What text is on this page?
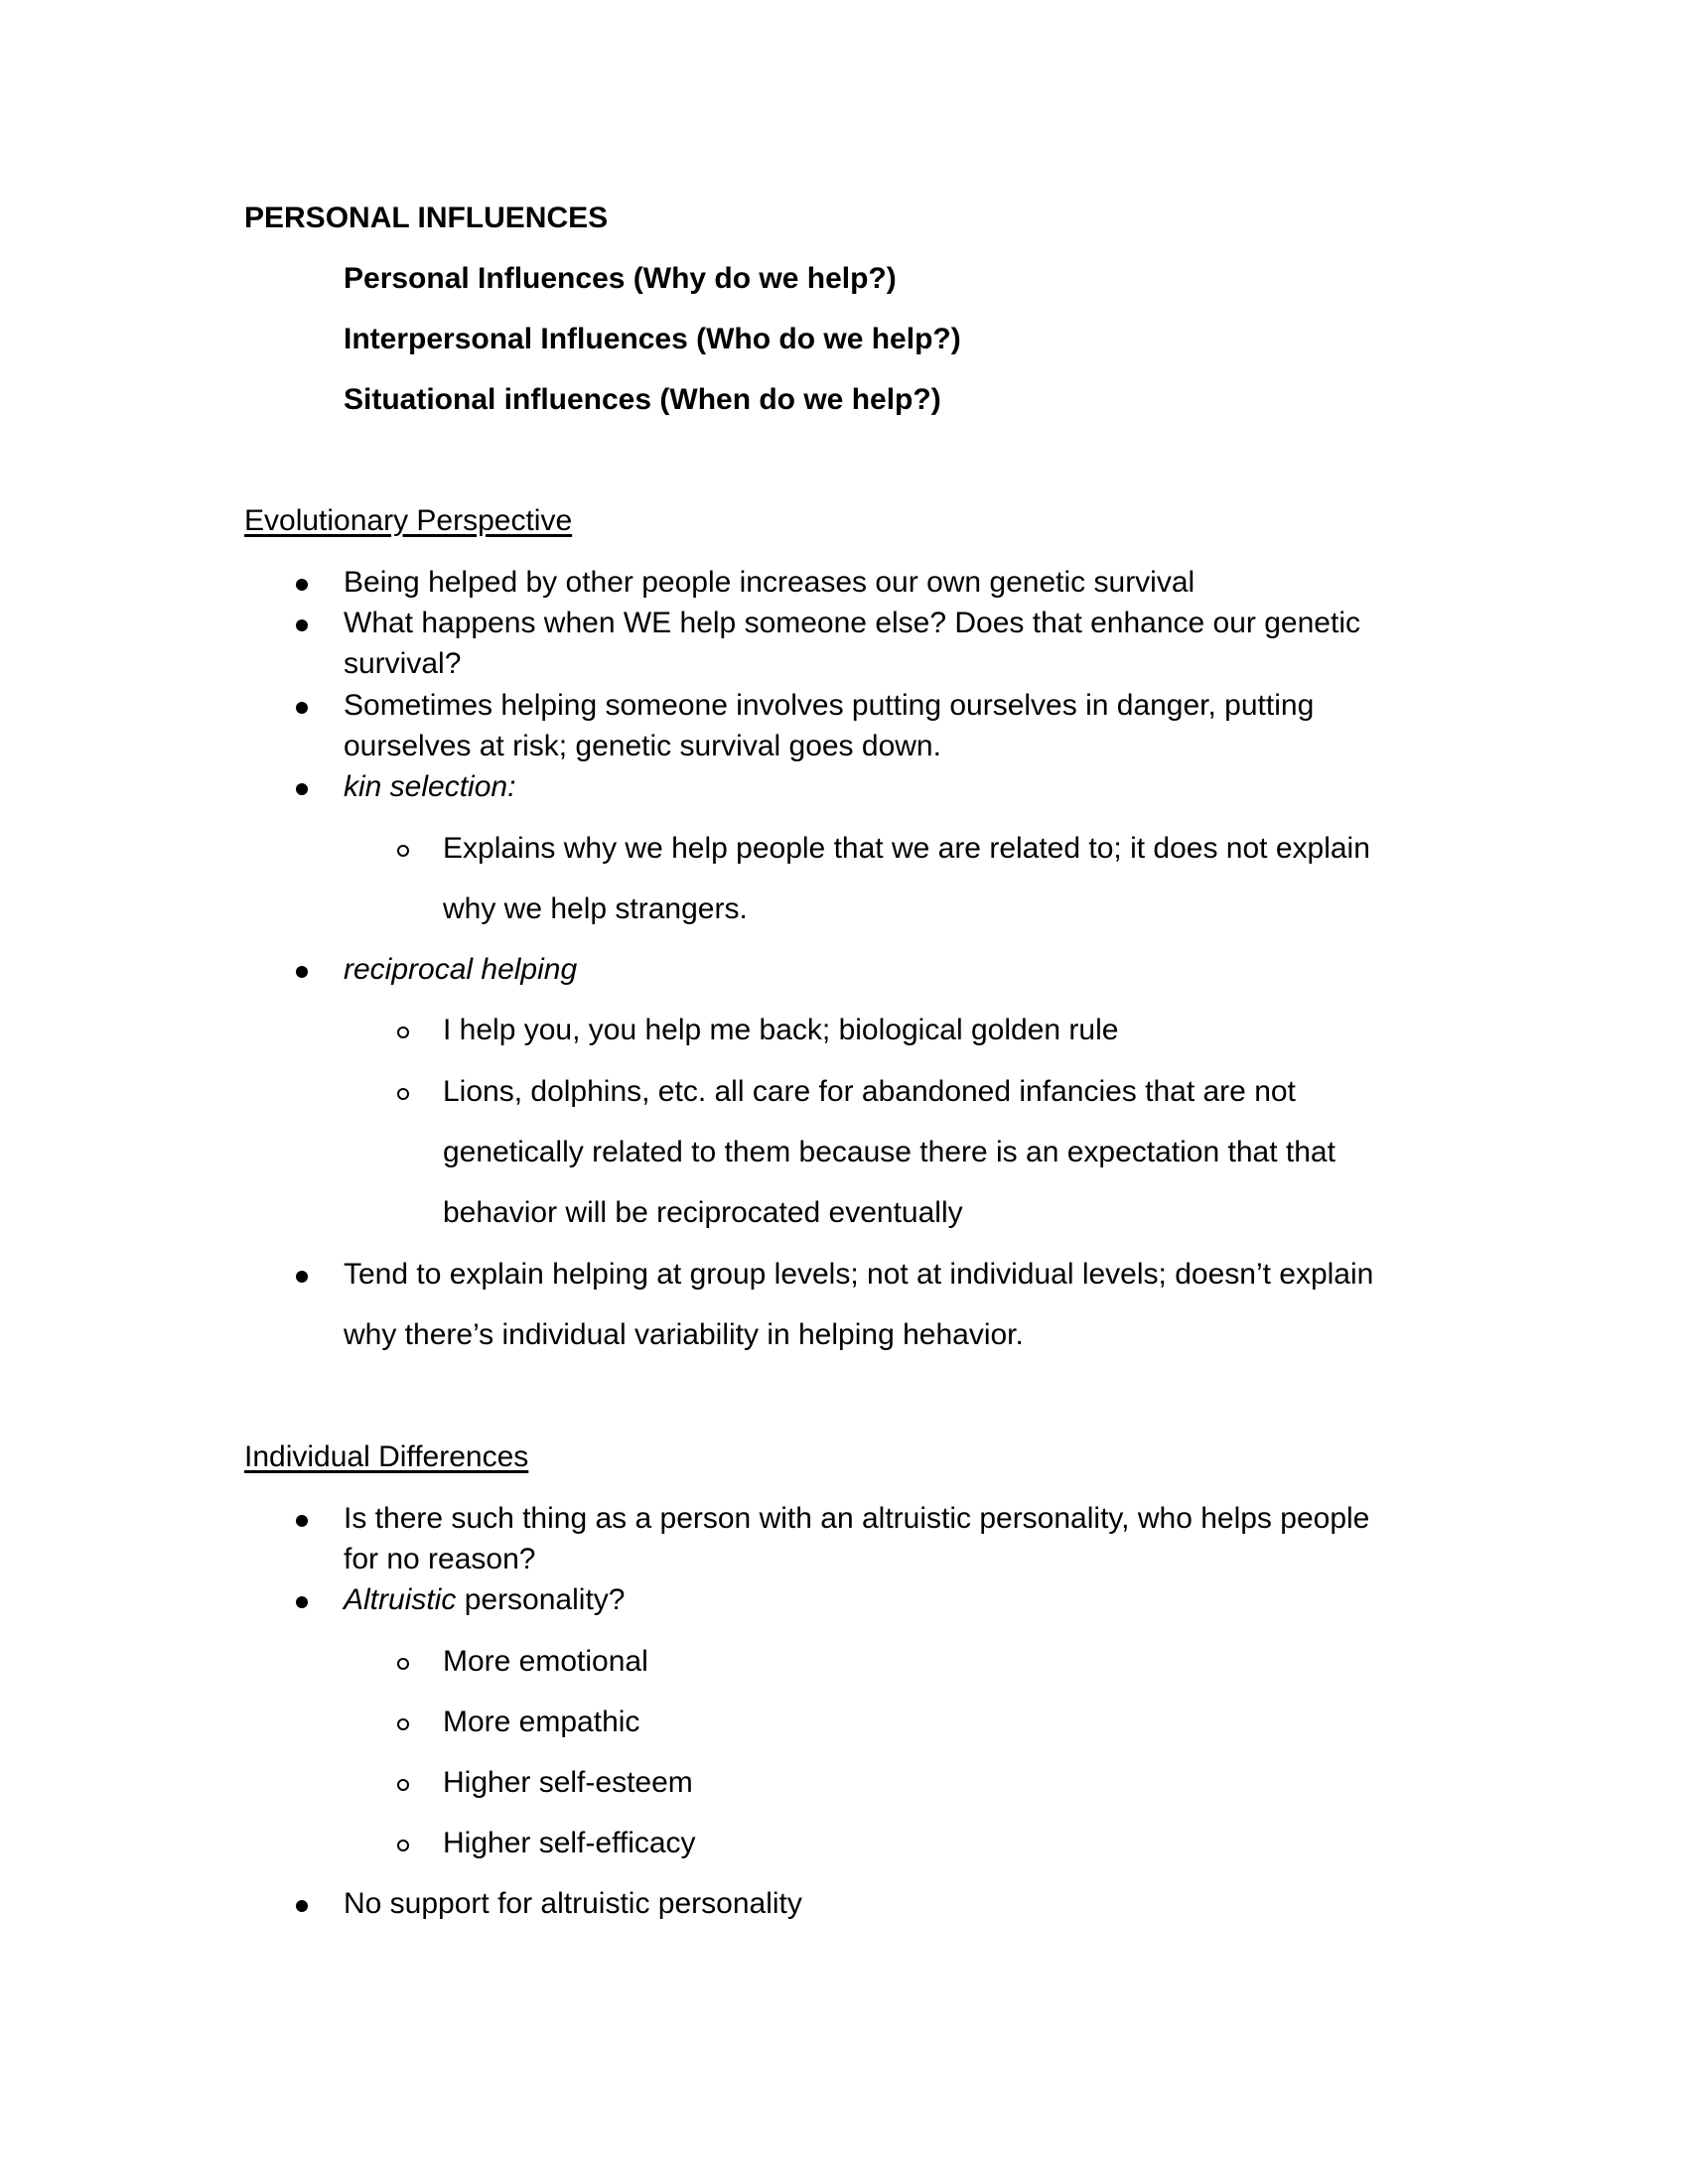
PERSONAL INFLUENCES
Personal Influences (Why do we help?)
Interpersonal Influences (Who do we help?)
Situational influences (When do we help?)
Evolutionary Perspective
Being helped by other people increases our own genetic survival
What happens when WE help someone else? Does that enhance our genetic
survival?
Sometimes helping someone involves putting ourselves in danger, putting
ourselves at risk; genetic survival goes down.
kin selection:
Explains why we help people that we are related to; it does not explain
why we help strangers.
reciprocal helping
I help you, you help me back; biological golden rule
Lions, dolphins, etc. all care for abandoned infancies that are not
genetically related to them because there is an expectation that that
behavior will be reciprocated eventually
Tend to explain helping at group levels; not at individual levels; doesn’t explain
why there’s individual variability in helping hehavior.
Individual Differences
Is there such thing as a person with an altruistic personality, who helps people
for no reason?
Altruistic personality?
More emotional
More empathic
Higher self-esteem
Higher self-efficacy
No support for altruistic personality
